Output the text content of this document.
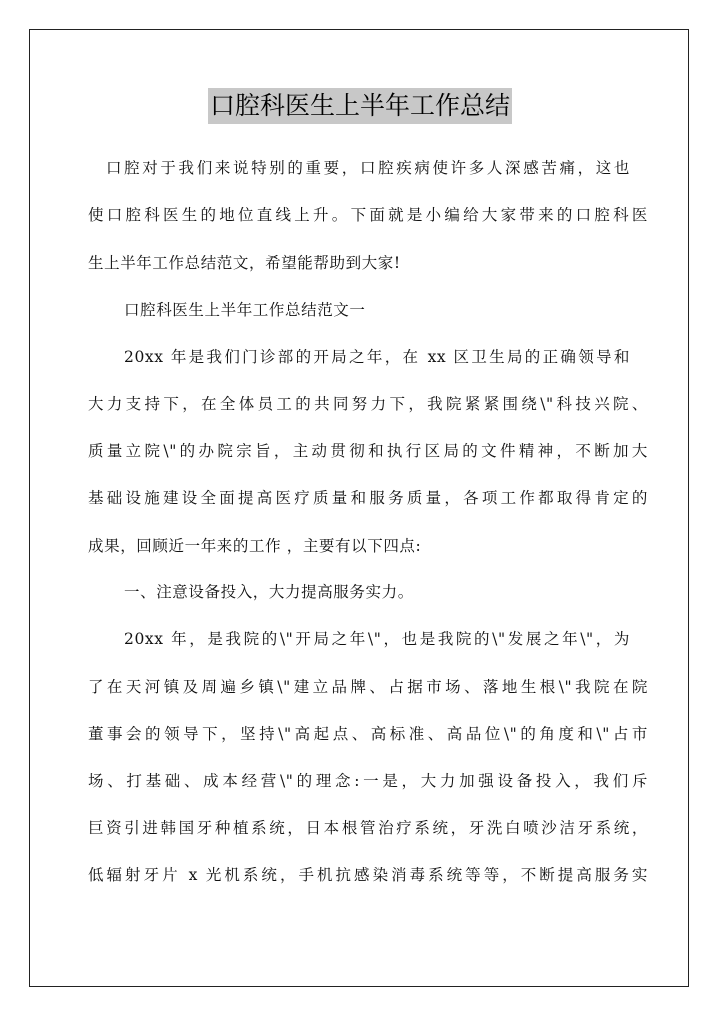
口腔科医生上半年工作总结
口腔对于我们来说特别的重要，口腔疾病使许多人深感苦痛，这也
使口腔科医生的地位直线上升。下面就是小编给大家带来的口腔科医
生上半年工作总结范文，希望能帮助到大家!
口腔科医生上半年工作总结范文一
20xx 年是我们门诊部的开局之年，在 xx 区卫生局的正确领导和
大力支持下，在全体员工的共同努力下，我院紧紧围绕\"科技兴院、
质量立院\"的办院宗旨，主动贯彻和执行区局的文件精神，不断加大
基础设施建设全面提高医疗质量和服务质量，各项工作都取得肯定的
成果，回顾近一年来的工作 ，主要有以下四点:
一、注意设备投入，大力提高服务实力。
20xx 年，是我院的\"开局之年\"，也是我院的\"发展之年\"，为
了在天河镇及周遍乡镇\"建立品牌、占据市场、落地生根\"我院在院
董事会的领导下，坚持\"高起点、高标准、高品位\"的角度和\"占市
场、打基础、成本经营\"的理念:一是，大力加强设备投入，我们斥
巨资引进韩国牙种植系统，日本根管治疗系统，牙洗白喷沙洁牙系统，
低辐射牙片 x 光机系统，手机抗感染消毒系统等等，不断提高服务实
